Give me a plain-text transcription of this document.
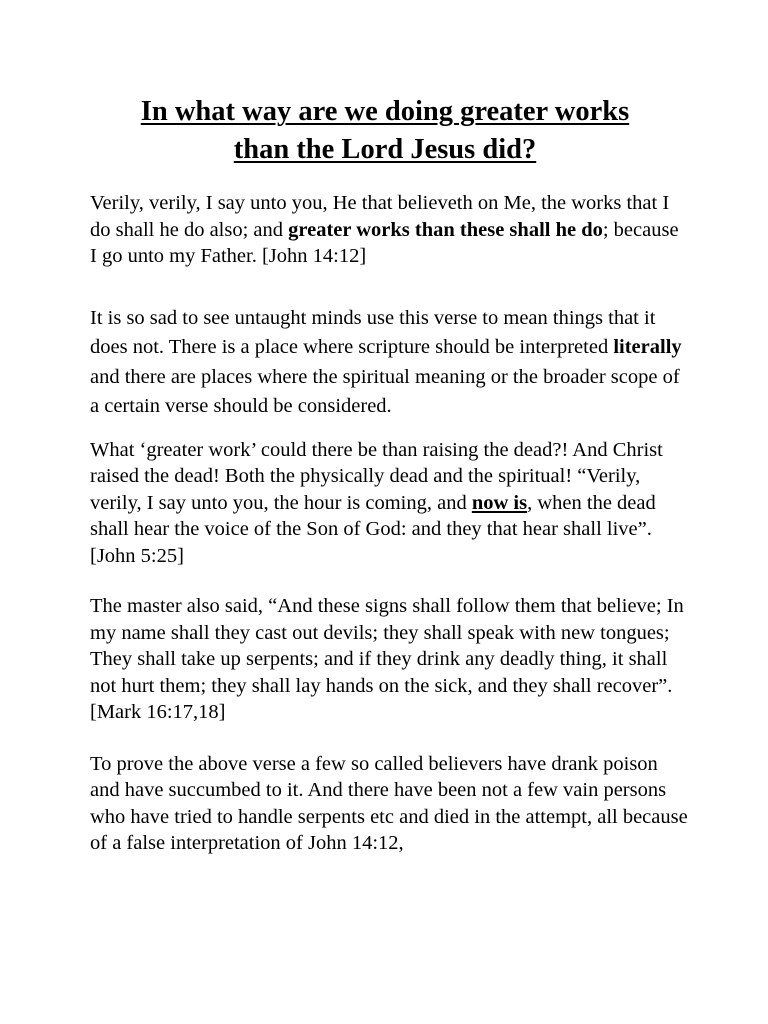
In what way are we doing greater works
than the Lord Jesus did?

Verily, verily, I say unto you, He that believeth on Me, the works that I do shall he do also; and greater works than these shall he do; because I go unto my Father. [John 14:12]

It is so sad to see untaught minds use this verse to mean things that it does not. There is a place where scripture should be interpreted literally and there are places where the spiritual meaning or the broader scope of a certain verse should be considered.

What ‘greater work’ could there be than raising the dead?! And Christ raised the dead! Both the physically dead and the spiritual! “Verily, verily, I say unto you, the hour is coming, and now is, when the dead shall hear the voice of the Son of God: and they that hear shall live”. [John 5:25]

The master also said, “And these signs shall follow them that believe; In my name shall they cast out devils; they shall speak with new tongues; They shall take up serpents; and if they drink any deadly thing, it shall not hurt them; they shall lay hands on the sick, and they shall recover”. [Mark 16:17,18]

To prove the above verse a few so called believers have drank poison and have succumbed to it. And there have been not a few vain persons who have tried to handle serpents etc and died in the attempt, all because of a false interpretation of John 14:12,
